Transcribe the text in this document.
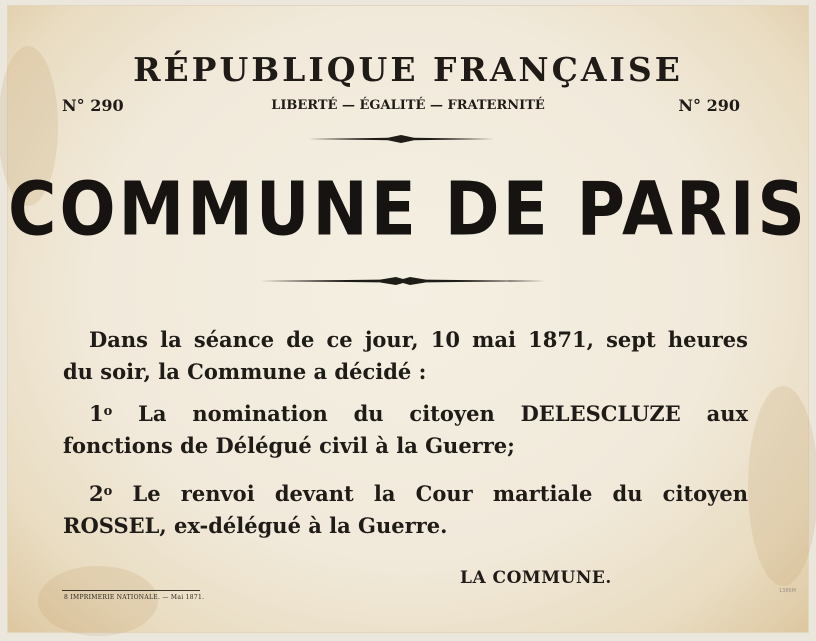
RÉPUBLIQUE FRANÇAISE
N° 290	LIBERTÉ — ÉGALITÉ — FRATERNITÉ	N° 290
COMMUNE DE PARIS
Dans la séance de ce jour, 10 mai 1871, sept heures
du soir, la Commune a décidé :
1$^o$ La nomination du citoyen DELESCLUZE aux
fonctions de Délégué civil à la Guerre;
2$^o$ Le renvoi devant la Cour martiale du citoyen
ROSSEL, ex-délégué à la Guerre.
LA COMMUNE.
8 IMPRIMERIE NATIONALE. — Mai 1871.
1386M
